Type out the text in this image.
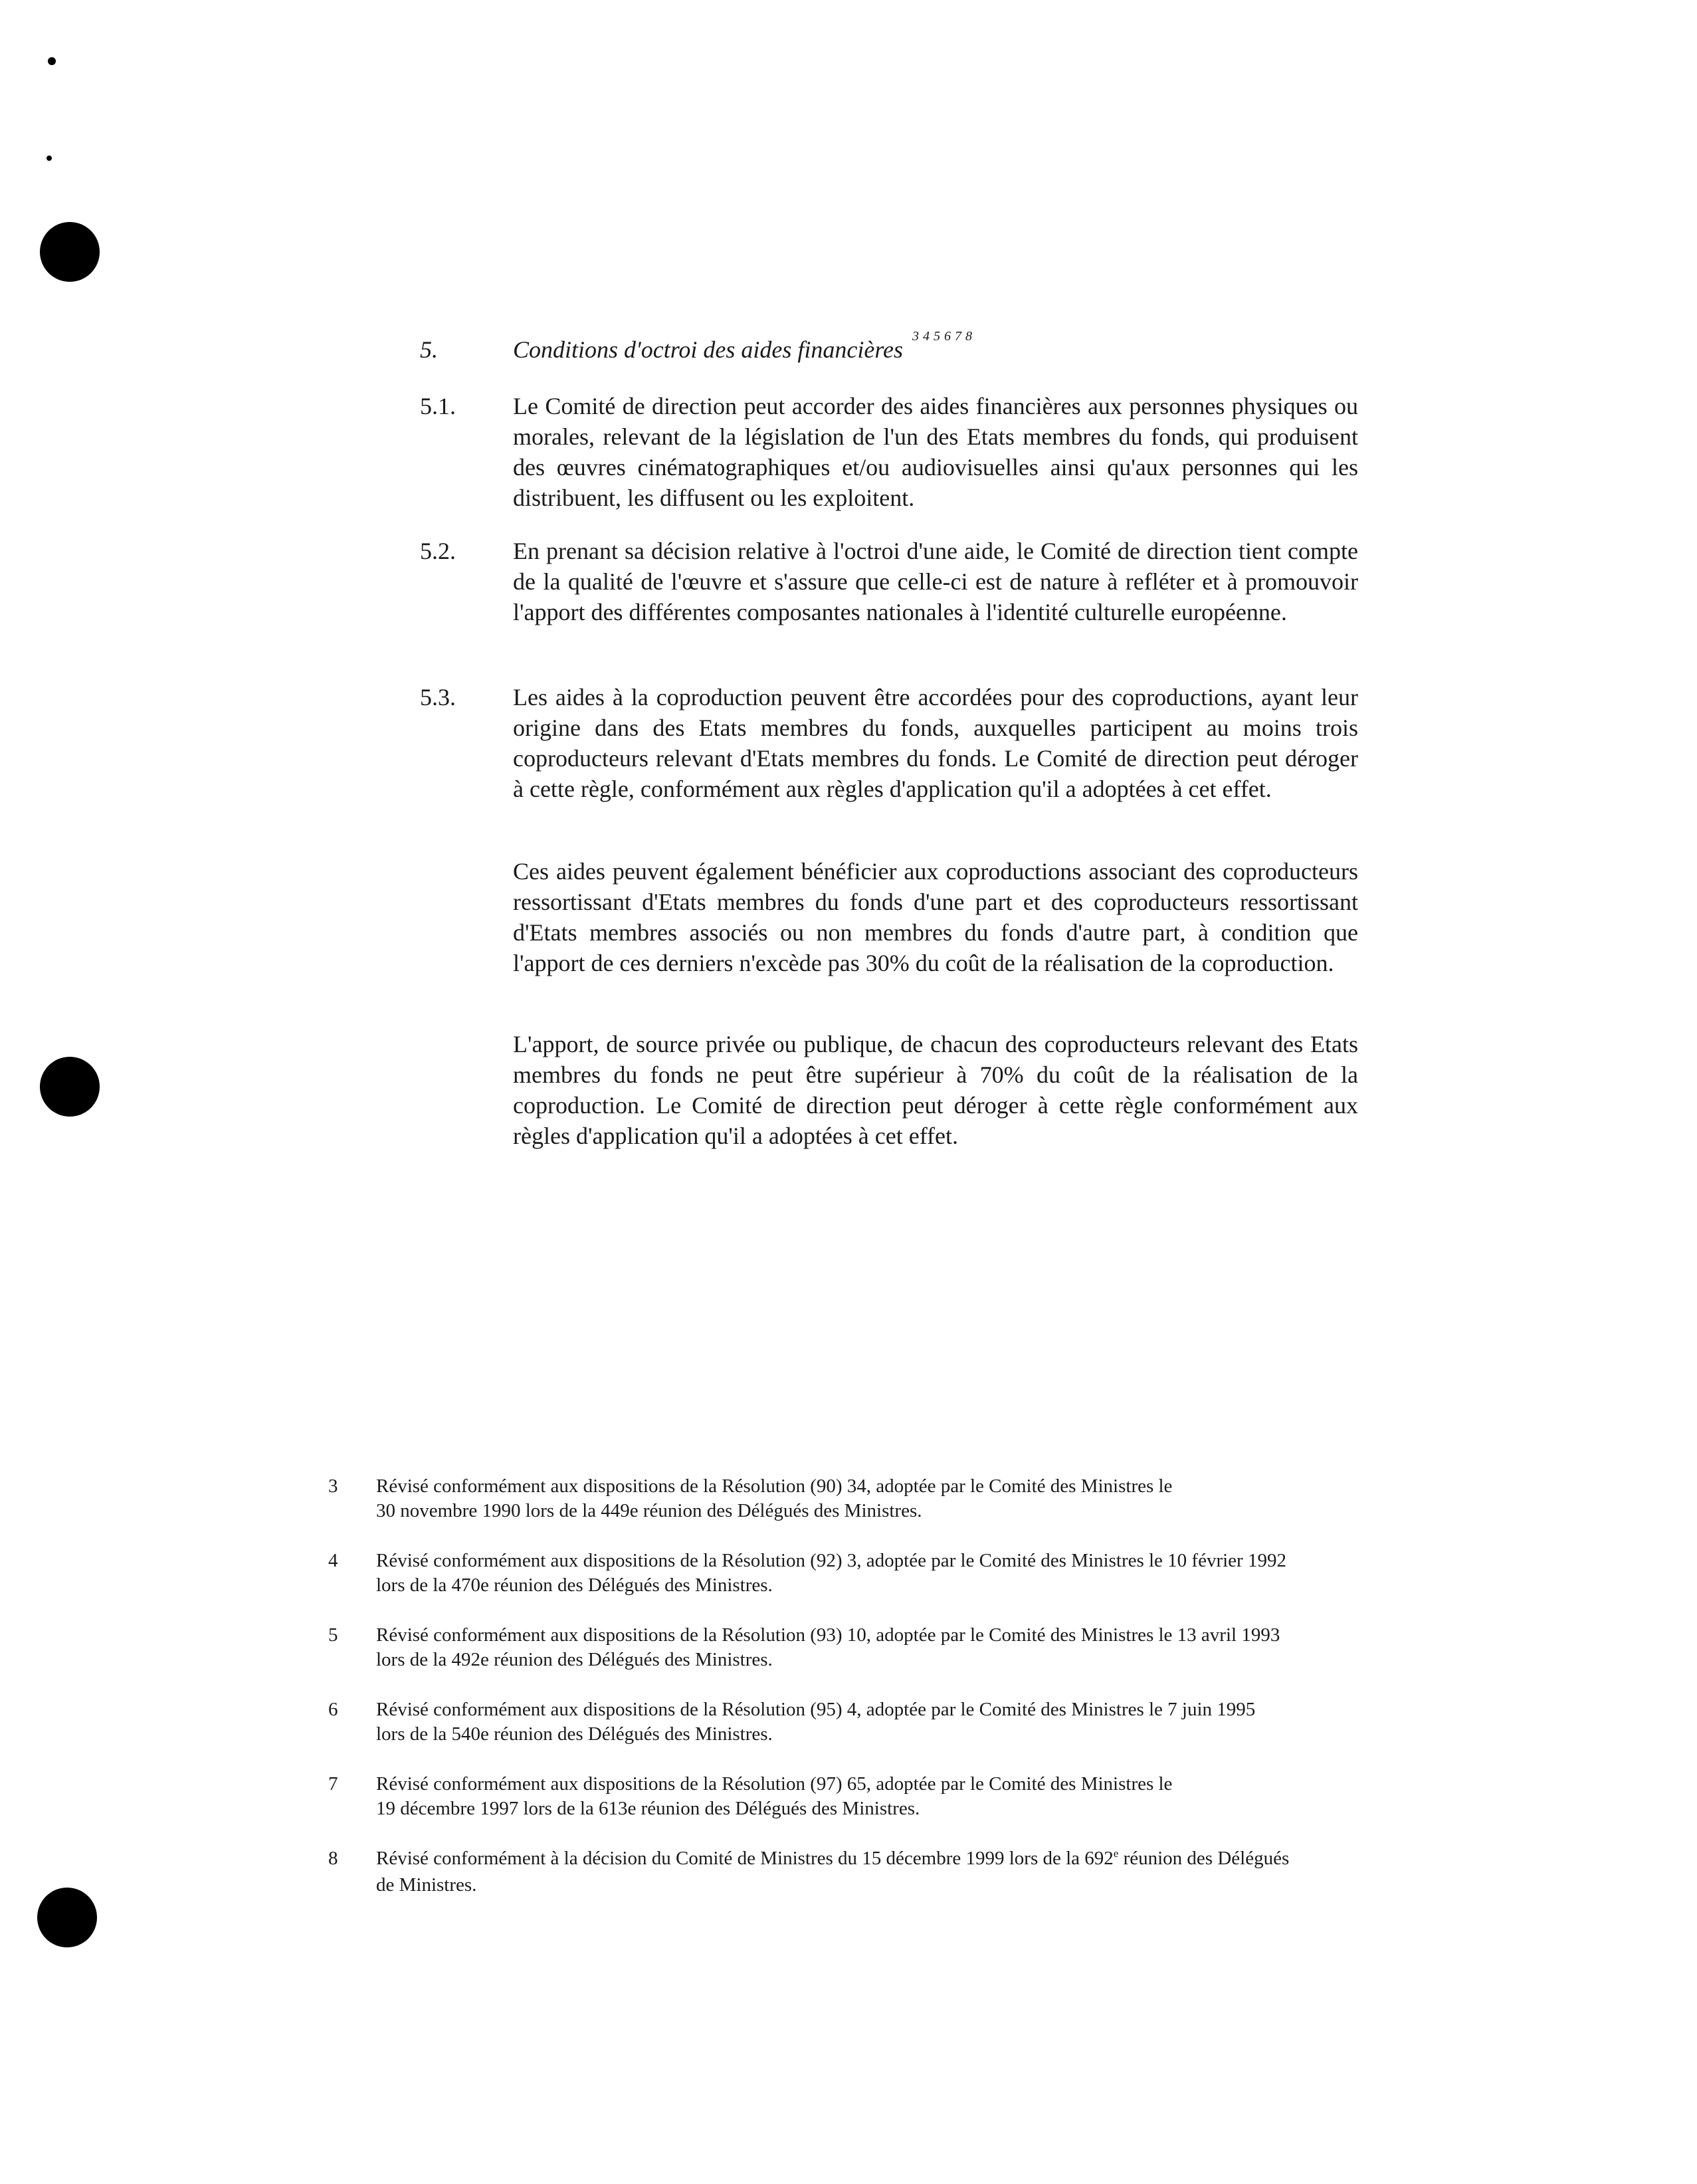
5.	Conditions d'octroi des aides financières $^{345678}$
5.1. Le Comité de direction peut accorder des aides financières aux personnes physiques ou morales, relevant de la législation de l'un des Etats membres du fonds, qui produisent des œuvres cinématographiques et/ou audiovisuelles ainsi qu'aux personnes qui les distribuent, les diffusent ou les exploitent.
5.2. En prenant sa décision relative à l'octroi d'une aide, le Comité de direction tient compte de la qualité de l'œuvre et s'assure que celle-ci est de nature à refléter et à promouvoir l'apport des différentes composantes nationales à l'identité culturelle européenne.
5.3. Les aides à la coproduction peuvent être accordées pour des coproductions, ayant leur origine dans des Etats membres du fonds, auxquelles participent au moins trois coproducteurs relevant d'Etats membres du fonds. Le Comité de direction peut déroger à cette règle, conformément aux règles d'application qu'il a adoptées à cet effet.
Ces aides peuvent également bénéficier aux coproductions associant des coproducteurs ressortissant d'Etats membres du fonds d'une part et des coproducteurs ressortissant d'Etats membres associés ou non membres du fonds d'autre part, à condition que l'apport de ces derniers n'excède pas 30% du coût de la réalisation de la coproduction.
L'apport, de source privée ou publique, de chacun des coproducteurs relevant des Etats membres du fonds ne peut être supérieur à 70% du coût de la réalisation de la coproduction. Le Comité de direction peut déroger à cette règle conformément aux règles d'application qu'il a adoptées à cet effet.
3 Révisé conformément aux dispositions de la Résolution (90) 34, adoptée par le Comité des Ministres le
30 novembre 1990 lors de la 449e réunion des Délégués des Ministres.
4 Révisé conformément aux dispositions de la Résolution (92) 3, adoptée par le Comité des Ministres le 10 février 1992
lors de la 470e réunion des Délégués des Ministres.
5 Révisé conformément aux dispositions de la Résolution (93) 10, adoptée par le Comité des Ministres le 13 avril 1993
lors de la 492e réunion des Délégués des Ministres.
6 Révisé conformément aux dispositions de la Résolution (95) 4, adoptée par le Comité des Ministres le 7 juin 1995
lors de la 540e réunion des Délégués des Ministres.
7 Révisé conformément aux dispositions de la Résolution (97) 65, adoptée par le Comité des Ministres le
19 décembre 1997 lors de la 613e réunion des Délégués des Ministres.
8 Révisé conformément à la décision du Comité de Ministres du 15 décembre 1999 lors de la 692e réunion des Délégués
de Ministres.
